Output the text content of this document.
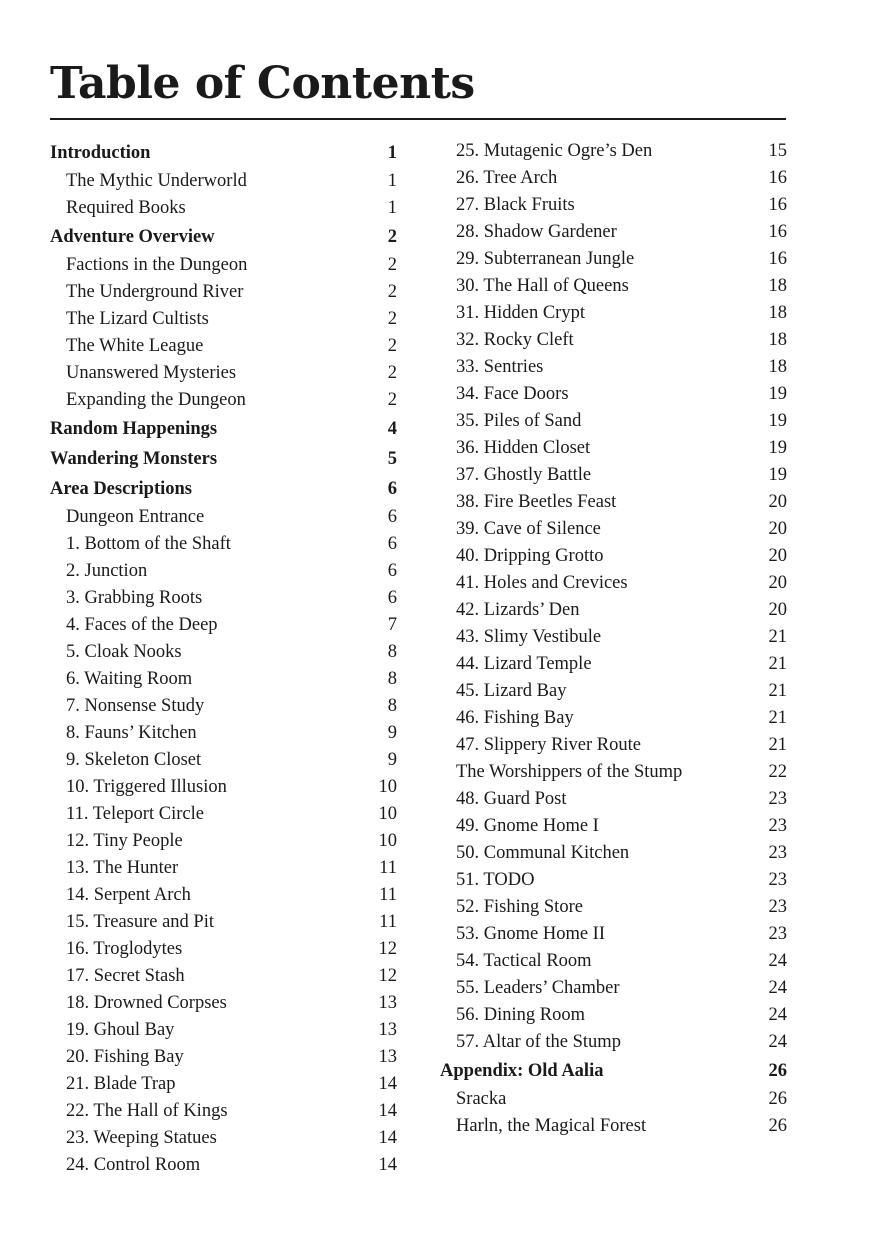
Table of Contents
Introduction	1
The Mythic Underworld	1
Required Books	1
Adventure Overview	2
Factions in the Dungeon	2
The Underground River	2
The Lizard Cultists	2
The White League	2
Unanswered Mysteries	2
Expanding the Dungeon	2
Random Happenings	4
Wandering Monsters	5
Area Descriptions	6
Dungeon Entrance	6
1. Bottom of the Shaft	6
2. Junction	6
3. Grabbing Roots	6
4. Faces of the Deep	7
5. Cloak Nooks	8
6. Waiting Room	8
7. Nonsense Study	8
8. Fauns’ Kitchen	9
9. Skeleton Closet	9
10. Triggered Illusion	10
11. Teleport Circle	10
12. Tiny People	10
13. The Hunter	11
14. Serpent Arch	11
15. Treasure and Pit	11
16. Troglodytes	12
17. Secret Stash	12
18. Drowned Corpses	13
19. Ghoul Bay	13
20. Fishing Bay	13
21. Blade Trap	14
22. The Hall of Kings	14
23. Weeping Statues	14
24. Control Room	14
25. Mutagenic Ogre’s Den	15
26. Tree Arch	16
27. Black Fruits	16
28. Shadow Gardener	16
29. Subterranean Jungle	16
30. The Hall of Queens	18
31. Hidden Crypt	18
32. Rocky Cleft	18
33. Sentries	18
34. Face Doors	19
35. Piles of Sand	19
36. Hidden Closet	19
37. Ghostly Battle	19
38. Fire Beetles Feast	20
39. Cave of Silence	20
40. Dripping Grotto	20
41. Holes and Crevices	20
42. Lizards’ Den	20
43. Slimy Vestibule	21
44. Lizard Temple	21
45. Lizard Bay	21
46. Fishing Bay	21
47. Slippery River Route	21
The Worshippers of the Stump	22
48. Guard Post	23
49. Gnome Home I	23
50. Communal Kitchen	23
51. TODO	23
52. Fishing Store	23
53. Gnome Home II	23
54. Tactical Room	24
55. Leaders’ Chamber	24
56. Dining Room	24
57. Altar of the Stump	24
Appendix: Old Aalia	26
Sracka	26
Harln, the Magical Forest	26
